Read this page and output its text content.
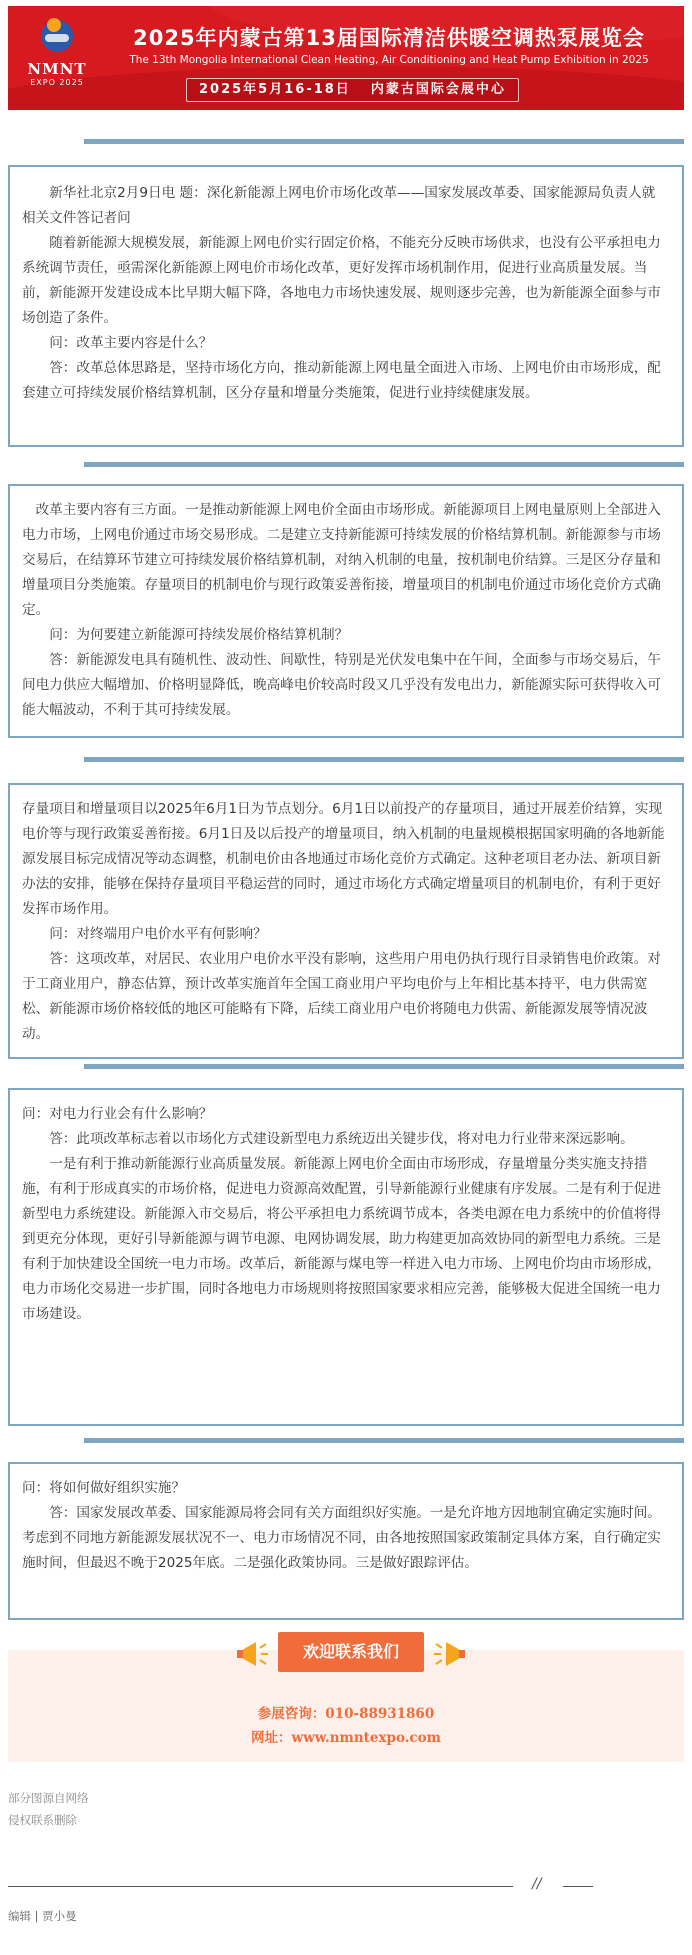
NMNT
EXPO 2025
2025年内蒙古第13届国际清洁供暖空调热泵展览会
The 13th Mongolia International Clean Heating, Air Conditioning and Heat Pump Exhibition in 2025
2025年5月16-18日 内蒙古国际会展中心

新华社北京2月9日电 题：深化新能源上网电价市场化改革——国家发展改革委、国家能源局负责人就相关文件答记者问

随着新能源大规模发展，新能源上网电价实行固定价格，不能充分反映市场供求，也没有公平承担电力系统调节责任，亟需深化新能源上网电价市场化改革，更好发挥市场机制作用，促进行业高质量发展。当前，新能源开发建设成本比早期大幅下降，各地电力市场快速发展、规则逐步完善，也为新能源全面参与市场创造了条件。

问：改革主要内容是什么？

答：改革总体思路是，坚持市场化方向，推动新能源上网电量全面进入市场、上网电价由市场形成，配套建立可持续发展价格结算机制，区分存量和增量分类施策，促进行业持续健康发展。

改革主要内容有三方面。一是推动新能源上网电价全面由市场形成。新能源项目上网电量原则上全部进入电力市场，上网电价通过市场交易形成。二是建立支持新能源可持续发展的价格结算机制。新能源参与市场交易后，在结算环节建立可持续发展价格结算机制，对纳入机制的电量，按机制电价结算。三是区分存量和增量项目分类施策。存量项目的机制电价与现行政策妥善衔接，增量项目的机制电价通过市场化竞价方式确定。

问：为何要建立新能源可持续发展价格结算机制？

答：新能源发电具有随机性、波动性、间歇性，特别是光伏发电集中在午间，全面参与市场交易后，午间电力供应大幅增加、价格明显降低，晚高峰电价较高时段又几乎没有发电出力，新能源实际可获得收入可能大幅波动，不利于其可持续发展。

存量项目和增量项目以2025年6月1日为节点划分。6月1日以前投产的存量项目，通过开展差价结算，实现电价等与现行政策妥善衔接。6月1日及以后投产的增量项目，纳入机制的电量规模根据国家明确的各地新能源发展目标完成情况等动态调整，机制电价由各地通过市场化竞价方式确定。这种老项目老办法、新项目新办法的安排，能够在保持存量项目平稳运营的同时，通过市场化方式确定增量项目的机制电价，有利于更好发挥市场作用。

问：对终端用户电价水平有何影响？

答：这项改革，对居民、农业用户电价水平没有影响，这些用户用电仍执行现行目录销售电价政策。对于工商业用户，静态估算，预计改革实施首年全国工商业用户平均电价与上年相比基本持平，电力供需宽松、新能源市场价格较低的地区可能略有下降，后续工商业用户电价将随电力供需、新能源发展等情况波动。

问：对电力行业会有什么影响？

答：此项改革标志着以市场化方式建设新型电力系统迈出关键步伐，将对电力行业带来深远影响。

一是有利于推动新能源行业高质量发展。新能源上网电价全面由市场形成，存量增量分类实施支持措施，有利于形成真实的市场价格，促进电力资源高效配置，引导新能源行业健康有序发展。二是有利于促进新型电力系统建设。新能源入市交易后，将公平承担电力系统调节成本，各类电源在电力系统中的价值将得到更充分体现，更好引导新能源与调节电源、电网协调发展，助力构建更加高效协同的新型电力系统。三是有利于加快建设全国统一电力市场。改革后，新能源与煤电等一样进入电力市场、上网电价均由市场形成，电力市场化交易进一步扩围，同时各地电力市场规则将按照国家要求相应完善，能够极大促进全国统一电力市场建设。

问：将如何做好组织实施？

答：国家发展改革委、国家能源局将会同有关方面组织好实施。一是允许地方因地制宜确定实施时间。考虑到不同地方新能源发展状况不一、电力市场情况不同，由各地按照国家政策制定具体方案，自行确定实施时间，但最迟不晚于2025年底。二是强化政策协同。三是做好跟踪评估。

欢迎联系我们
参展咨询：010-88931860
网址：www.nmntexpo.com
部分图源自网络
侵权联系删除
//
编辑 | 贾小曼
